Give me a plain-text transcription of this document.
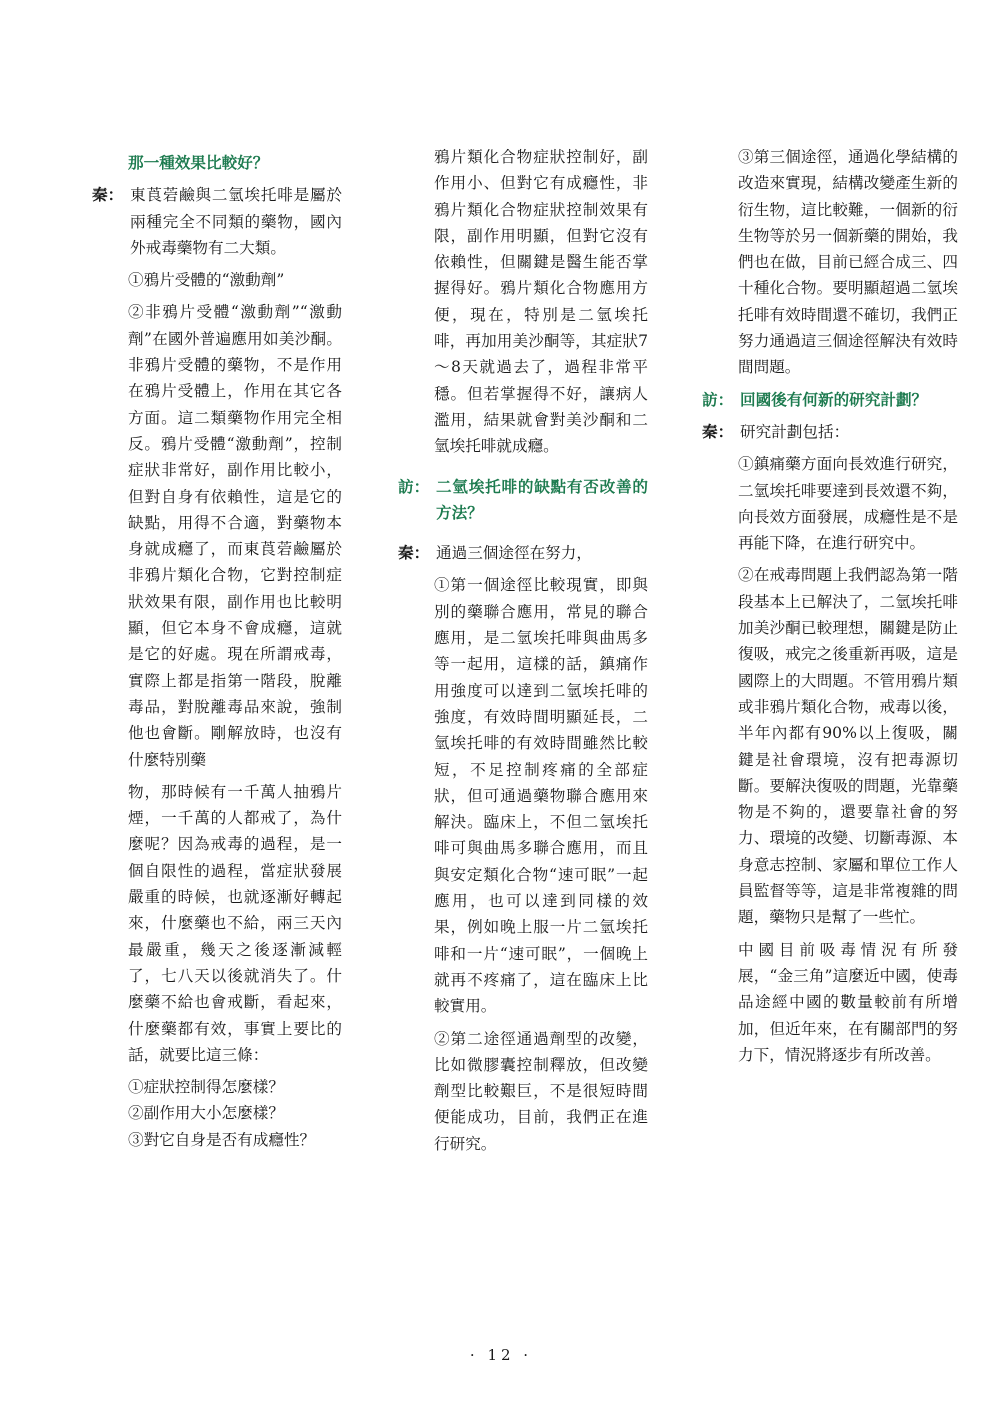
那一種效果比較好？
秦： 東莨菪鹼與二氫埃托啡是屬於兩種完全不同類的藥物，國內外戒毒藥物有二大類。

①鴉片受體的“激動劑”

②非鴉片受體“激動劑”“激動劑”在國外普遍應用如美沙酮。非鴉片受體的藥物，不是作用在鴉片受體上，作用在其它各方面。這二類藥物作用完全相反。鴉片受體“激動劑”，控制症狀非常好，副作用比較小，但對自身有依賴性，這是它的缺點，用得不合適，對藥物本身就成癮了，而東莨菪鹼屬於非鴉片類化合物，它對控制症狀效果有限，副作用也比較明顯，但它本身不會成癮，這就是它的好處。現在所謂戒毒，實際上都是指第一階段，脫離毒品，對脫離毒品來說，強制他也會斷。剛解放時，也沒有什麼特別藥

物，那時候有一千萬人抽鴉片煙，一千萬的人都戒了，為什麼呢？因為戒毒的過程，是一個自限性的過程，當症狀發展嚴重的時候，也就逐漸好轉起來，什麼藥也不給，兩三天內最嚴重，幾天之後逐漸減輕了，七八天以後就消失了。什麼藥不給也會戒斷，看起來，什麼藥都有效，事實上要比的話，就要比這三條：

①症狀控制得怎麼樣？

②副作用大小怎麼樣？

③對它自身是否有成癮性？

鴉片類化合物症狀控制好，副作用小、但對它有成癮性，非鴉片類化合物症狀控制效果有限，副作用明顯，但對它沒有依賴性，但關鍵是醫生能否掌握得好。鴉片類化合物應用方便，現在，特別是二氫埃托啡，再加用美沙酮等，其症狀7～8天就過去了，過程非常平穩。但若掌握得不好，讓病人濫用，結果就會對美沙酮和二氫埃托啡就成癮。

訪： 二氫埃托啡的缺點有否改善的方法？
秦： 通過三個途徑在努力，

①第一個途徑比較現實，即與別的藥聯合應用，常見的聯合應用，是二氫埃托啡與曲馬多等一起用，這樣的話，鎮痛作用強度可以達到二氫埃托啡的強度，有效時間明顯延長，二氫埃托啡的有效時間雖然比較短，不足控制疼痛的全部症狀，但可通過藥物聯合應用來解決。臨床上，不但二氫埃托啡可與曲馬多聯合應用，而且與安定類化合物“速可眠”一起應用，也可以達到同樣的效果，例如晚上服一片二氫埃托啡和一片“速可眠”，一個晚上就再不疼痛了，這在臨床上比較實用。

②第二途徑通過劑型的改變，比如微膠囊控制釋放，但改變劑型比較艱巨，不是很短時間便能成功，目前，我們正在進行研究。

③第三個途徑，通過化學結構的改造來實現，結構改變產生新的衍生物，這比較難，一個新的衍生物等於另一個新藥的開始，我們也在做，目前已經合成三、四十種化合物。要明顯超過二氫埃托啡有效時間還不確切，我們正努力通過這三個途徑解決有效時間問題。

訪： 回國後有何新的研究計劃？
秦： 研究計劃包括：

①鎮痛藥方面向長效進行研究，二氫埃托啡要達到長效還不夠，向長效方面發展，成癮性是不是再能下降，在進行研究中。

②在戒毒問題上我們認為第一階段基本上已解決了，二氫埃托啡加美沙酮已較理想，關鍵是防止復吸，戒完之後重新再吸，這是國際上的大問題。不管用鴉片類或非鴉片類化合物，戒毒以後，半年內都有90%以上復吸，關鍵是社會環境，沒有把毒源切斷。要解決復吸的問題，光靠藥物是不夠的，還要靠社會的努力、環境的改變、切斷毒源、本身意志控制、家屬和單位工作人員監督等等，這是非常複雜的問題，藥物只是幫了一些忙。

中國目前吸毒情況有所發展，“金三角”這麼近中國，使毒品途經中國的數量較前有所增加，但近年來，在有關部門的努力下，情況將逐步有所改善。

· 12 ·
